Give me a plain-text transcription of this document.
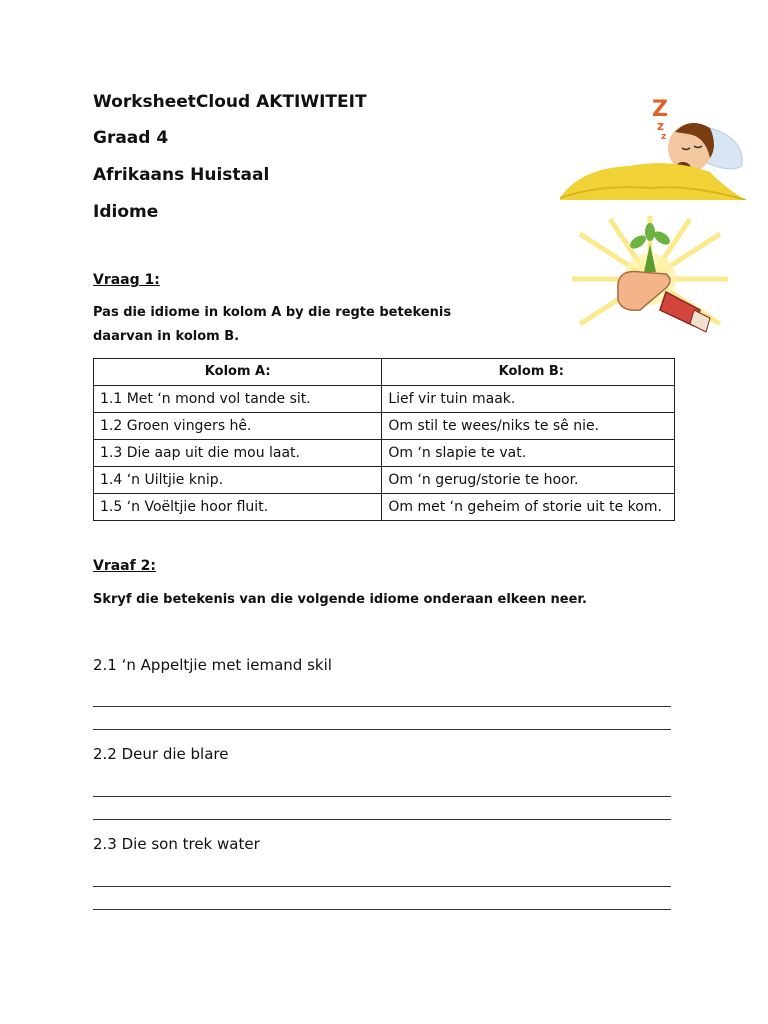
WorksheetCloud AKTIWITEIT
Graad 4
Afrikaans Huistaal
Idiome
Z
z
z
Vraag 1:
Pas die idiome in kolom A by die regte betekenis
daarvan in kolom B.
Kolom A:	Kolom B:
1.1 Met ‘n mond vol tande sit.	Lief vir tuin maak.
1.2 Groen vingers hê.	Om stil te wees/niks te sê nie.
1.3 Die aap uit die mou laat.	Om ‘n slapie te vat.
1.4 ‘n Uiltjie knip.	Om ‘n gerug/storie te hoor.
1.5 ‘n Voëltjie hoor fluit.	Om met ‘n geheim of storie uit te kom.
Vraaf 2:
Skryf die betekenis van die volgende idiome onderaan elkeen neer.
2.1 ‘n Appeltjie met iemand skil
2.2 Deur die blare
2.3 Die son trek water
